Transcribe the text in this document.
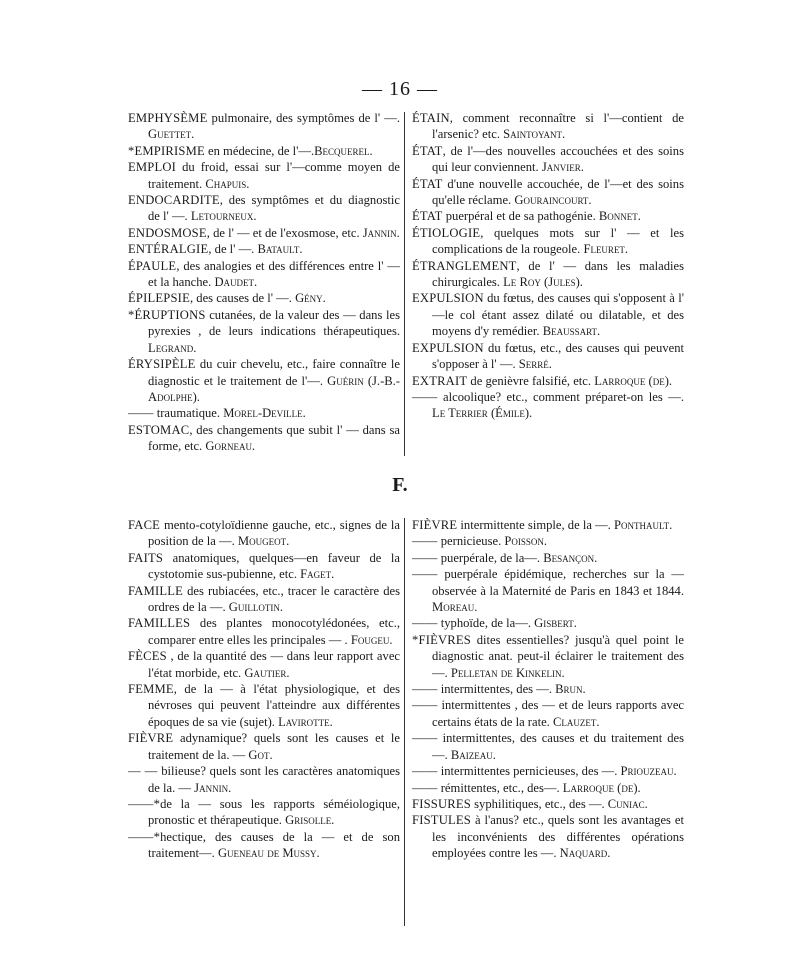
— 16 —

EMPHYSÈME pulmonaire, des symptômes de l' —. Guettet.

*EMPIRISME en médecine, de l'—.Becquerel.

EMPLOI du froid, essai sur l'—comme moyen de traitement. Chapuis.

ENDOCARDITE, des symptômes et du diagnostic de l' —. Letourneux.

ENDOSMOSE, de l' — et de l'exosmose, etc. Jannin.

ENTÉRALGIE, de l' —. Batault.

ÉPAULE, des analogies et des différences entre l' — et la hanche. Daudet.

ÉPILEPSIE, des causes de l' —. Gény.

*ÉRUPTIONS cutanées, de la valeur des — dans les pyrexies , de leurs indications thérapeutiques. Legrand.

ÉRYSIPÈLE du cuir chevelu, etc., faire connaître le diagnostic et le traitement de l'—. Guérin (J.-B.-Adolphe).

—— traumatique. Morel-Deville.

ESTOMAC, des changements que subit l' — dans sa forme, etc. Gorneau.

ÉTAIN, comment reconnaître si l'—contient de l'arsenic? etc. Saintoyant.

ÉTAT, de l'—des nouvelles accouchées et des soins qui leur conviennent. Janvier.

ÉTAT d'une nouvelle accouchée, de l'—et des soins qu'elle réclame. Gouraincourt.

ÉTAT puerpéral et de sa pathogénie. Bonnet.

ÉTIOLOGIE, quelques mots sur l' — et les complications de la rougeole. Fleuret.

ÉTRANGLEMENT, de l' — dans les maladies chirurgicales. Le Roy (Jules).

EXPULSION du fœtus, des causes qui s'opposent à l' —le col étant assez dilaté ou dilatable, et des moyens d'y remédier. Beaussart.

EXPULSION du fœtus, etc., des causes qui peuvent s'opposer à l' —. Serré.

EXTRAIT de genièvre falsifié, etc. Larroque (de).

—— alcoolique? etc., comment préparet-on les —. Le Terrier (Émile).

F.

FACE mento-cotyloïdienne gauche, etc., signes de la position de la —. Mougeot.

FAITS anatomiques, quelques—en faveur de la cystotomie sus-pubienne, etc. Faget.

FAMILLE des rubiacées, etc., tracer le caractère des ordres de la —. Guillotin.

FAMILLES des plantes monocotylédonées, etc., comparer entre elles les principales — . Fougeu.

FÈCES , de la quantité des — dans leur rapport avec l'état morbide, etc. Gautier.

FEMME, de la — à l'état physiologique, et des névroses qui peuvent l'atteindre aux différentes époques de sa vie (sujet). Lavirotte.

FIÈVRE adynamique? quels sont les causes et le traitement de la. — Got.

— — bilieuse? quels sont les caractères anatomiques de la. — Jannin.

——*de la — sous les rapports séméiologique, pronostic et thérapeutique. Grisolle.

——*hectique, des causes de la — et de son traitement—. Gueneau de Mussy.

FIÈVRE intermittente simple, de la —. Ponthault.

—— pernicieuse. Poisson.

—— puerpérale, de la—. Besançon.

—— puerpérale épidémique, recherches sur la — observée à la Maternité de Paris en 1843 et 1844. Moreau.

—— typhoïde, de la—. Gisbert.

*FIÈVRES dites essentielles? jusqu'à quel point le diagnostic anat. peut-il éclairer le traitement des—. Pelletan de Kinkelin.

—— intermittentes, des —. Brun.

—— intermittentes , des — et de leurs rapports avec certains états de la rate. Clauzet.

—— intermittentes, des causes et du traitement des —. Baizeau.

—— intermittentes pernicieuses, des —. Priouzeau.

—— rémittentes, etc., des—. Larroque (de).

FISSURES syphilitiques, etc., des —. Cuniac.

FISTULES à l'anus? etc., quels sont les avantages et les inconvénients des différentes opérations employées contre les —. Naquard.
